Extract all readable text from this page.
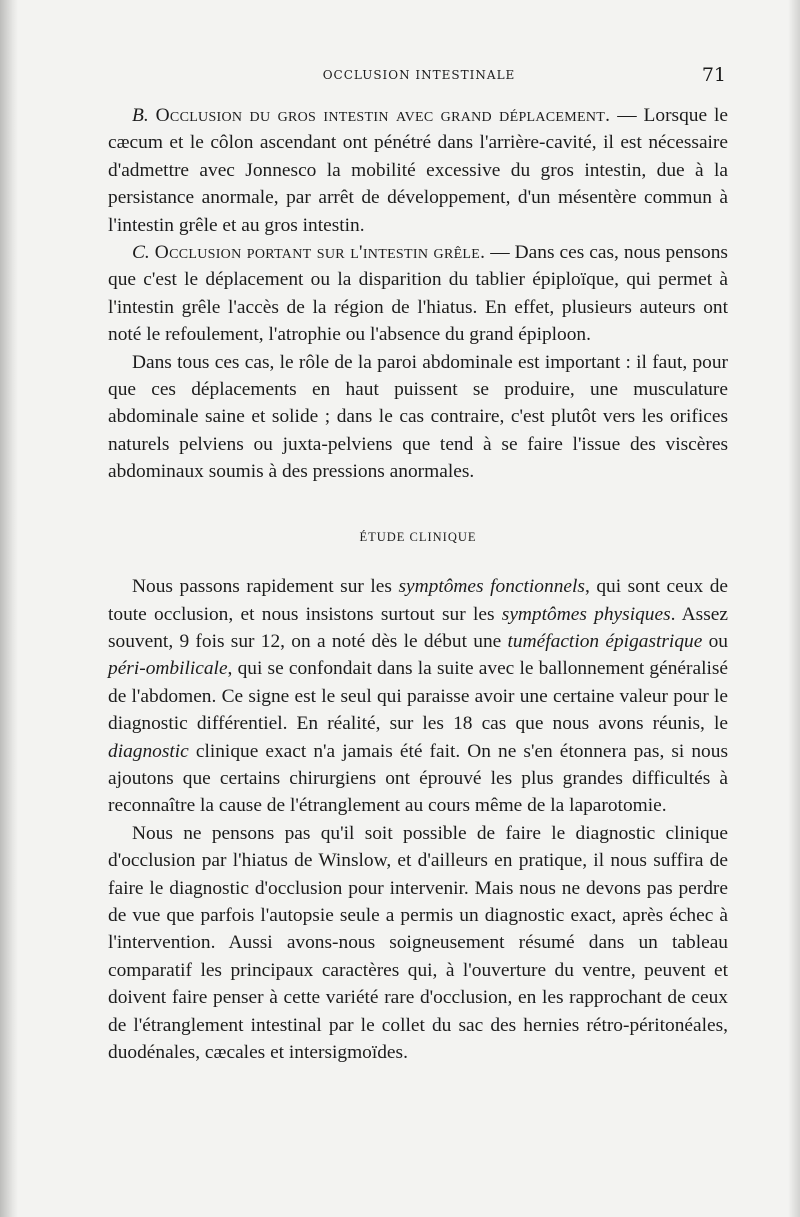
OCCLUSION INTESTINALE	71

B. Occlusion du gros intestin avec grand déplacement. — Lorsque le cæcum et le côlon ascendant ont pénétré dans l'arrière-cavité, il est nécessaire d'admettre avec Jonnesco la mobilité excessive du gros intestin, due à la persistance anormale, par arrêt de développement, d'un mésentère commun à l'intestin grêle et au gros intestin.

C. Occlusion portant sur l'intestin grêle. — Dans ces cas, nous pensons que c'est le déplacement ou la disparition du tablier épiploïque, qui permet à l'intestin grêle l'accès de la région de l'hiatus. En effet, plusieurs auteurs ont noté le refoulement, l'atrophie ou l'absence du grand épiploon.

Dans tous ces cas, le rôle de la paroi abdominale est important : il faut, pour que ces déplacements en haut puissent se produire, une musculature abdominale saine et solide ; dans le cas contraire, c'est plutôt vers les orifices naturels pelviens ou juxta-pelviens que tend à se faire l'issue des viscères abdominaux soumis à des pressions anormales.

ÉTUDE CLINIQUE

Nous passons rapidement sur les symptômes fonctionnels, qui sont ceux de toute occlusion, et nous insistons surtout sur les symptômes physiques. Assez souvent, 9 fois sur 12, on a noté dès le début une tuméfaction épigastrique ou péri-ombilicale, qui se confondait dans la suite avec le ballonnement généralisé de l'abdomen. Ce signe est le seul qui paraisse avoir une certaine valeur pour le diagnostic différentiel. En réalité, sur les 18 cas que nous avons réunis, le diagnostic clinique exact n'a jamais été fait. On ne s'en étonnera pas, si nous ajoutons que certains chirurgiens ont éprouvé les plus grandes difficultés à reconnaître la cause de l'étranglement au cours même de la laparotomie.

Nous ne pensons pas qu'il soit possible de faire le diagnostic clinique d'occlusion par l'hiatus de Winslow, et d'ailleurs en pratique, il nous suffira de faire le diagnostic d'occlusion pour intervenir. Mais nous ne devons pas perdre de vue que parfois l'autopsie seule a permis un diagnostic exact, après échec à l'intervention. Aussi avons-nous soigneusement résumé dans un tableau comparatif les principaux caractères qui, à l'ouverture du ventre, peuvent et doivent faire penser à cette variété rare d'occlusion, en les rapprochant de ceux de l'étranglement intestinal par le collet du sac des hernies rétro-péritonéales, duodénales, cæcales et intersigmoïdes.
